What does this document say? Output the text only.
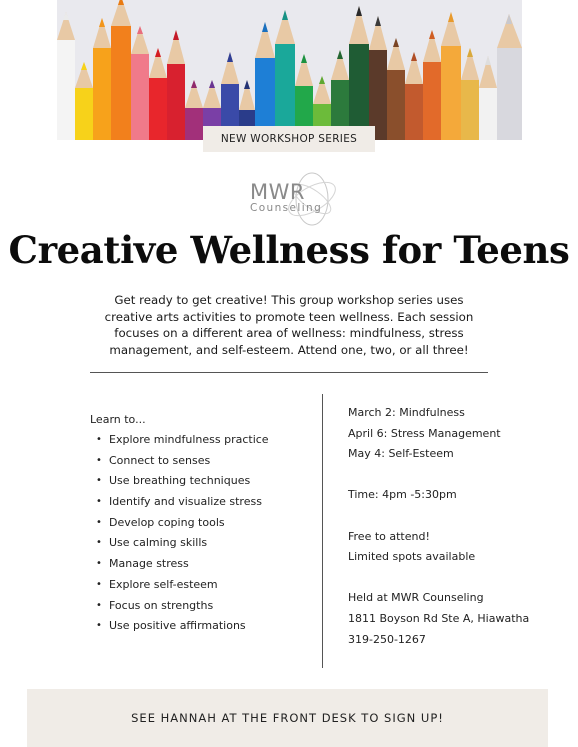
NEW WORKSHOP SERIES
MWR
Counseling
Creative Wellness for Teens
Get ready to get creative! This group workshop series uses creative arts activities to promote teen wellness. Each session focuses on a different area of wellness: mindfulness, stress management, and self-esteem. Attend one, two, or all three!
Learn to...
• Explore mindfulness practice
• Connect to senses
• Use breathing techniques
• Identify and visualize stress
• Develop coping tools
• Use calming skills
• Manage stress
• Explore self-esteem
• Focus on strengths
• Use positive affirmations
March 2: Mindfulness
April 6: Stress Management
May 4: Self-Esteem
Time: 4pm -5:30pm
Free to attend!
Limited spots available
Held at MWR Counseling
1811 Boyson Rd Ste A, Hiawatha
319-250-1267
SEE HANNAH AT THE FRONT DESK TO SIGN UP!
